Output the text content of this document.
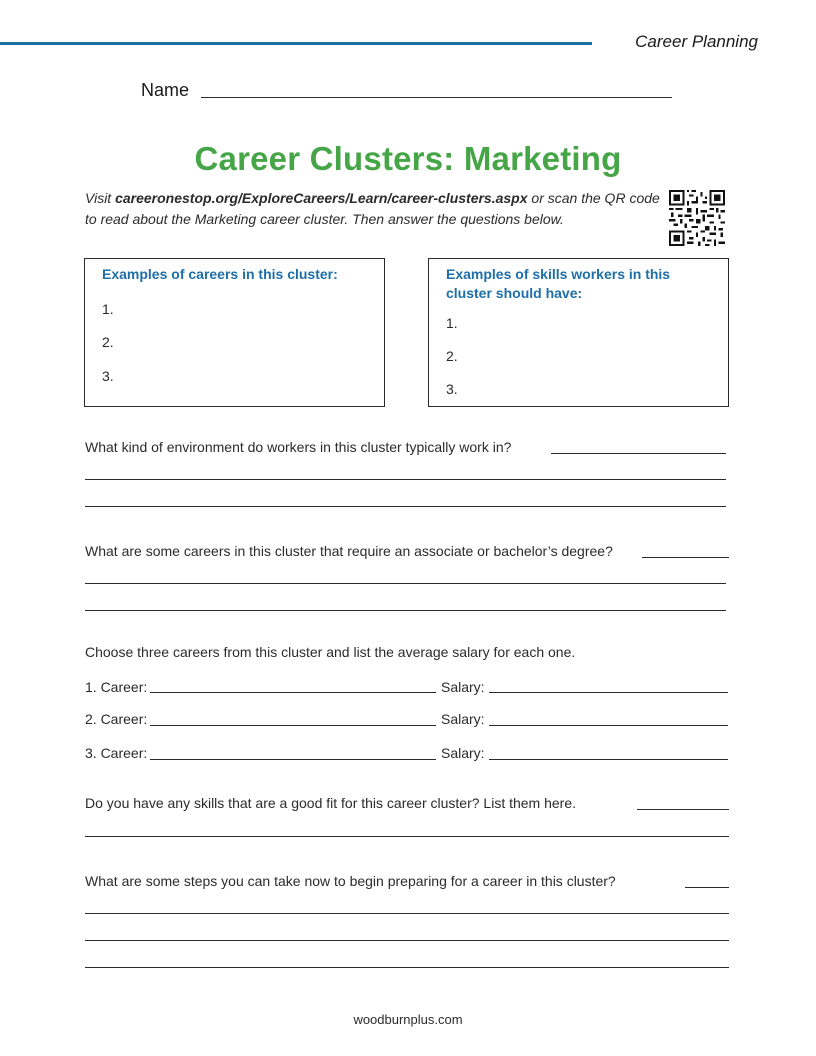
Career Planning
Name
Career Clusters: Marketing
Visit careeronestop.org/ExploreCareers/Learn/career-clusters.aspx or scan the QR code to read about the Marketing career cluster. Then answer the questions below.
Examples of careers in this cluster:
1.
2.
3.
Examples of skills workers in this cluster should have:
1.
2.
3.
What kind of environment do workers in this cluster typically work in?
What are some careers in this cluster that require an associate or bachelor’s degree?
Choose three careers from this cluster and list the average salary for each one.
1. Career:	Salary:
2. Career:	Salary:
3. Career:	Salary:
Do you have any skills that are a good fit for this career cluster? List them here.
What are some steps you can take now to begin preparing for a career in this cluster?
woodburnplus.com
